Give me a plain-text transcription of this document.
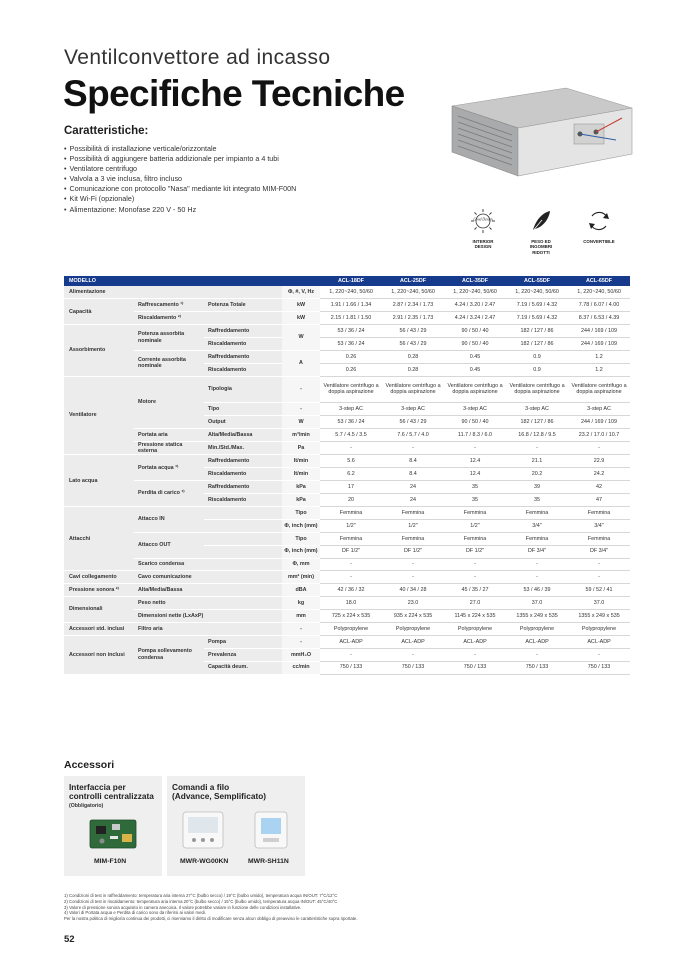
Ventilconvettore ad incasso
Specifiche Tecniche
Caratteristiche:
• Possibilità di installazione verticale/orizzontale
• Possibilità di aggiungere batteria addizionale per impianto a 4 tubi
• Ventilatore centrifugo
• Valvola a 3 vie inclusa, filtro incluso
• Comunicazione con protocollo "Nasa" mediante kit integrato MIM-F00N
• Kit Wi-Fi (opzionale)
• Alimentazione: Monofase 220 V - 50 Hz
Good Design
INTERIOR
DESIGN
PESO ED
INGOMBRI
RIDOTTI
CONVERTIBLE
MODELLO				ACL-18DF	ACL-25DF	ACL-35DF	ACL-55DF	ACL-65DF
Alimentazione			Φ, #, V, Hz	1, 220~240, 50/60	1, 220~240, 50/60	1, 220~240, 50/60	1, 220~240, 50/60	1, 220~240, 50/60
Capacità	Raffrescamento ¹⁾	Potenza Totale	kW	1.91 / 1.66 / 1.34	2.87 / 2.34 / 1.73	4.24 / 3.20 / 2.47	7.19 / 5.69 / 4.32	7.78 / 6.07 / 4.00
	Riscaldamento ²⁾		kW	2.15 / 1.81 / 1.50	2.91 / 2.35 / 1.73	4.24 / 3.24 / 2.47	7.19 / 5.69 / 4.32	8.37 / 6.53 / 4.39
Assorbimento	Potenza assorbita nominale	Raffreddamento	W	53 / 36 / 24	56 / 43 / 29	90 / 50 / 40	182 / 127 / 86	244 / 169 / 109
		Riscaldamento		53 / 36 / 24	56 / 43 / 29	90 / 50 / 40	182 / 127 / 86	244 / 169 / 109
	Corrente assorbita nominale	Raffreddamento	A	0.26	0.28	0.45	0.9	1.2
		Riscaldamento		0.26	0.28	0.45	0.9	1.2
Ventilatore	Motore	Tipologia	-	Ventilatore centrifugo a doppia aspirazione	Ventilatore centrifugo a doppia aspirazione	Ventilatore centrifugo a doppia aspirazione	Ventilatore centrifugo a doppia aspirazione	Ventilatore centrifugo a doppia aspirazione
		Tipo	-	3-step AC	3-step AC	3-step AC	3-step AC	3-step AC
		Output	W	53 / 36 / 24	56 / 43 / 29	90 / 50 / 40	182 / 127 / 86	244 / 169 / 109
	Portata aria	Alta/Media/Bassa	m³/min	5.7 / 4.5 / 3.5	7.6 / 5.7 / 4.0	11.7 / 8.3 / 6.0	16.8 / 12.8 / 9.5	23.2 / 17.0 / 10.7
	Pressione statica esterna	Min./Std./Max.	Pa	-	-	-	-	-
Lato acqua	Portata acqua ³⁾	Raffreddamento	lt/min	5.6	8.4	12.4	21.1	22.9
		Riscaldamento	lt/min	6.2	8.4	12.4	20.2	24.2
	Perdita di carico ³⁾	Raffreddamento	kPa	17	24	35	39	42
		Riscaldamento	kPa	20	24	35	35	47
Attacchi	Attacco IN		Tipo	Femmina	Femmina	Femmina	Femmina	Femmina
			Φ, inch (mm)	1/2"	1/2"	1/2"	3/4"	3/4"
	Attacco OUT		Tipo	Femmina	Femmina	Femmina	Femmina	Femmina
			Φ, inch (mm)	DF 1/2"	DF 1/2"	DF 1/2"	DF 3/4"	DF 3/4"
	Scarico condensa		Φ, mm	-	-	-	-	-
Cavi collegamento	Cavo comunicazione		mm² (min)	-	-	-	-	-
Pressione sonora ²⁾	Alta/Media/Bassa		dBA	42 / 36 / 32	40 / 34 / 28	45 / 35 / 27	53 / 46 / 39	59 / 52 / 41
Dimensionali	Peso netto		kg	18.0	23.0	27.0	37.0	37.0
	Dimensioni nette (LxAxP)		mm	725 x 224 x 535	935 x 224 x 535	1145 x 224 x 535	1355 x 249 x 535	1355 x 249 x 535
Accessori std. inclusi	Filtro aria		-	Polypropylene	Polypropylene	Polypropylene	Polypropylene	Polypropylene
Accessori non inclusi	Pompa sollevamento condensa	Pompa	-	ACL-ADP	ACL-ADP	ACL-ADP	ACL-ADP	ACL-ADP
		Prevalenza	mmH₂O	-	-	-	-	-
		Capacità deum.	cc/min	750 / 133	750 / 133	750 / 133	750 / 133	750 / 133
Accessori
Interfaccia per
controlli centralizzata
(Obbligatorio)
MIM-F10N
Comandi a filo
(Advance, Semplificato)
MWR-WG00KN	MWR-SH11N
1) Condizioni di test in raffreddamento: temperatura aria interna 27°C (bulbo secco) / 19°C (bulbo umido), temperatura acqua IN/OUT: 7°C/12°C
2) Condizioni di test in riscaldamento: temperatura aria interna 20°C (bulbo secco) / 15°C (bulbo umido), temperatura acqua IN/OUT: 45°C/40°C
3) Valore di pressione sonora acquisito in camera anecoica. Il valore potrebbe variare in funzione delle condizioni installative.
4) Valori di Portata acqua e Perdita di carico sono da riferirsi ai valori medi.
Per la nostra politica di migliorìa continua dei prodotti, ci riserviamo il diritto di modificare senza alcun obbligo di preavviso le caratteristiche sopra riportate.
52
